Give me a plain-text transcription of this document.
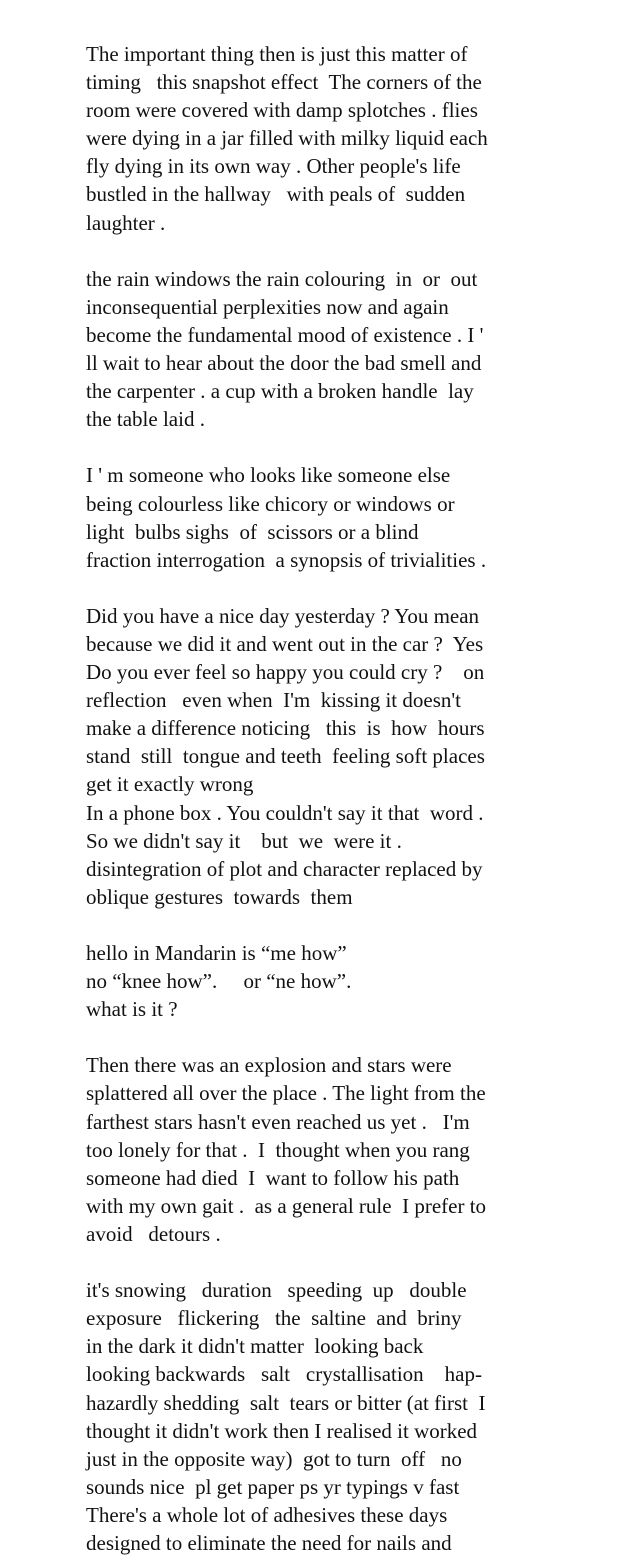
The important thing then is just this matter of
timing   this snapshot effect  The corners of the
room were covered with damp splotches . flies
were dying in a jar filled with milky liquid each
fly dying in its own way . Other people's life
bustled in the hallway   with peals of  sudden
laughter .
the rain windows the rain colouring  in  or  out
inconsequential perplexities now and again
become the fundamental mood of existence . I '
ll wait to hear about the door the bad smell and
the carpenter . a cup with a broken handle  lay
the table laid .
I ' m someone who looks like someone else
being colourless like chicory or windows or
light  bulbs sighs  of  scissors or a blind
fraction interrogation  a synopsis of trivialities .
Did you have a nice day yesterday ? You mean
because we did it and went out in the car ?  Yes
Do you ever feel so happy you could cry ?    on
reflection   even when  I'm  kissing it doesn't
make a difference noticing   this  is  how  hours
stand  still  tongue and teeth  feeling soft places
get it exactly wrong
In a phone box . You couldn't say it that  word .
So we didn't say it    but  we  were it .
disintegration of plot and character replaced by
oblique gestures  towards  them
hello in Mandarin is “me how”
no “knee how”.     or “ne how”.
what is it ?
Then there was an explosion and stars were
splattered all over the place . The light from the
farthest stars hasn't even reached us yet .   I'm
too lonely for that .  I  thought when you rang
someone had died  I  want to follow his path
with my own gait .  as a general rule  I prefer to
avoid   detours .
it's snowing   duration   speeding  up   double
exposure   flickering   the  saltine  and  briny
in the dark it didn't matter  looking back
looking backwards   salt   crystallisation    hap-
hazardly shedding  salt  tears or bitter (at first  I
thought it didn't work then I realised it worked
just in the opposite way)  got to turn  off   no
sounds nice  pl get paper ps yr typings v fast
There's a whole lot of adhesives these days
designed to eliminate the need for nails and
